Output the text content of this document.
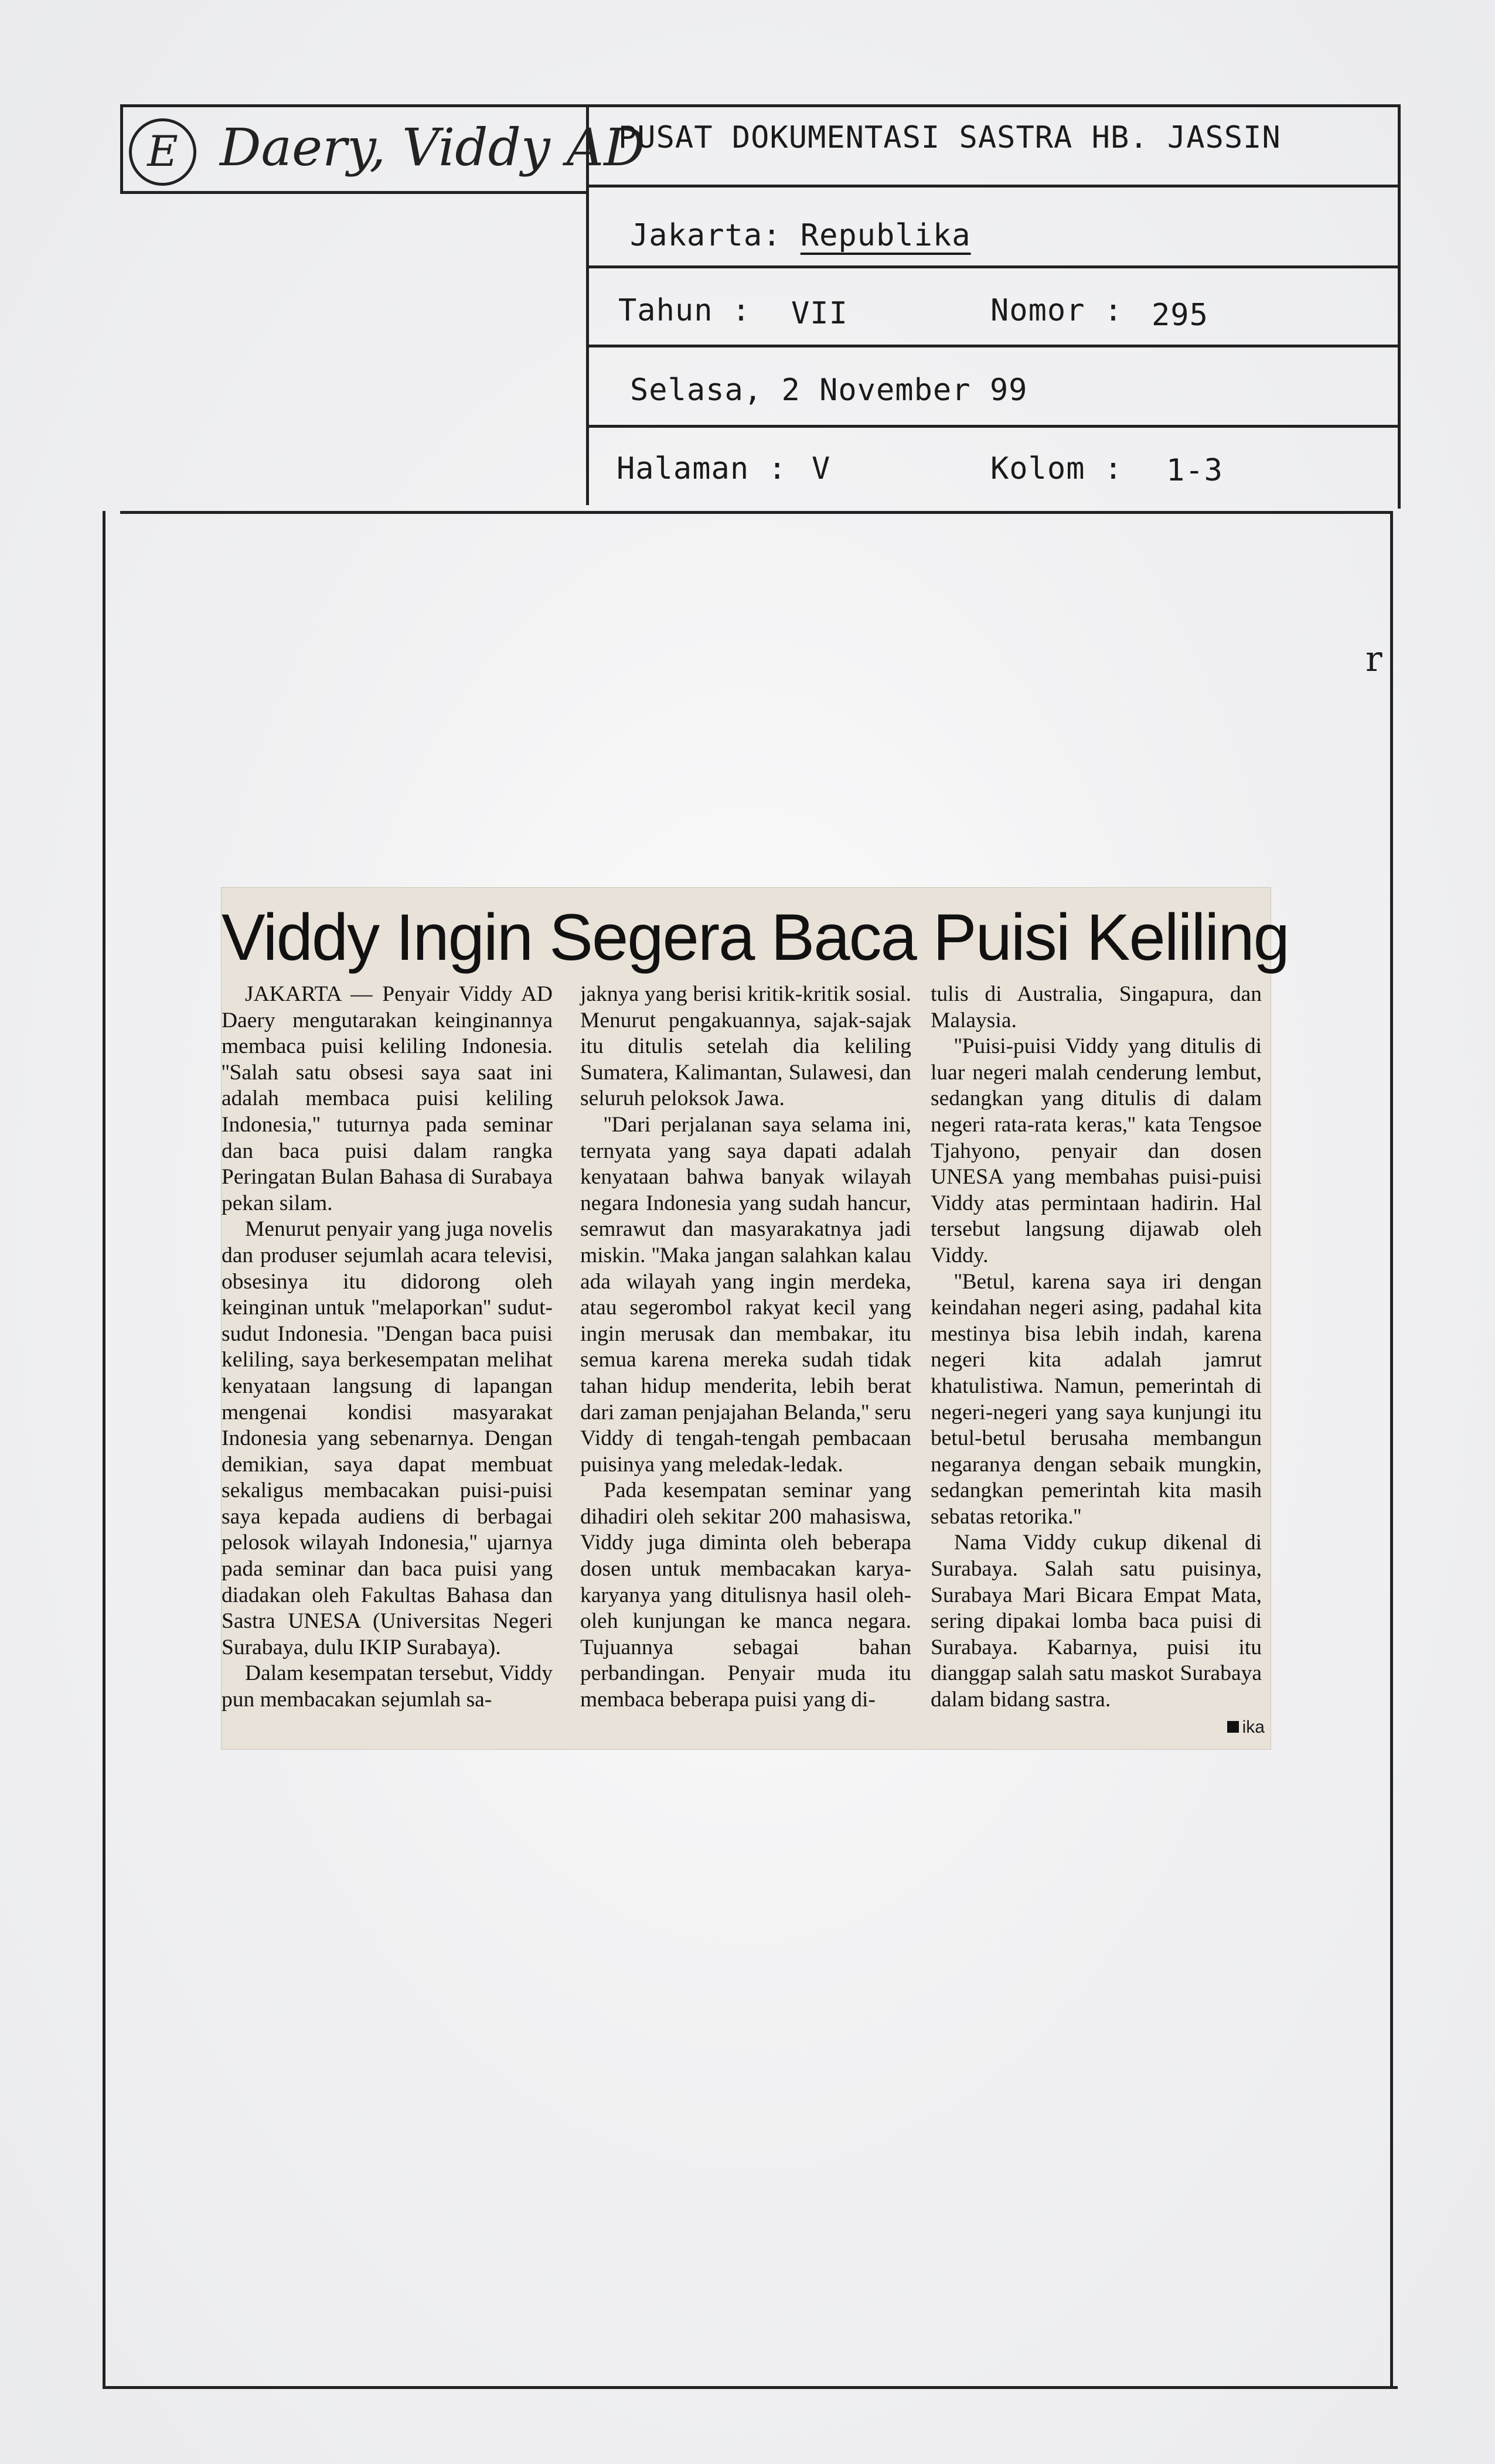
E Daery, Viddy AD
PUSAT DOKUMENTASI SASTRA HB. JASSIN
Jakarta: Republika
Tahun : VII	Nomor : 295
Selasa, 2 November 99
Halaman : V	Kolom : 1-3
r
Viddy Ingin Segera Baca Puisi Keliling

JAKARTA — Penyair Viddy AD Daery mengutarakan keinginannya membaca puisi keliling Indonesia. ''Salah satu obsesi saya saat ini adalah membaca puisi keliling Indonesia,'' tuturnya pada seminar dan baca puisi dalam rangka Peringatan Bulan Bahasa di Surabaya pekan silam.

Menurut penyair yang juga novelis dan produser sejumlah acara televisi, obsesinya itu didorong oleh keinginan untuk ''melaporkan'' sudut-sudut Indonesia. ''Dengan baca puisi keliling, saya berkesempatan melihat kenyataan langsung di lapangan mengenai kondisi masyarakat Indonesia yang sebenarnya. Dengan demikian, saya dapat membuat sekaligus membacakan puisi-puisi saya kepada audiens di berbagai pelosok wilayah Indonesia,'' ujarnya pada seminar dan baca puisi yang diadakan oleh Fakultas Bahasa dan Sastra UNESA (Universitas Negeri Surabaya, dulu IKIP Surabaya).

Dalam kesempatan tersebut, Viddy pun membacakan sejumlah sa-

jaknya yang berisi kritik-kritik sosial. Menurut pengakuannya, sajak-sajak itu ditulis setelah dia keliling Sumatera, Kalimantan, Sulawesi, dan seluruh peloksok Jawa.

''Dari perjalanan saya selama ini, ternyata yang saya dapati adalah kenyataan bahwa banyak wilayah negara Indonesia yang sudah hancur, semrawut dan masyarakatnya jadi miskin. ''Maka jangan salahkan kalau ada wilayah yang ingin merdeka, atau segerombol rakyat kecil yang ingin merusak dan membakar, itu semua karena mereka sudah tidak tahan hidup menderita, lebih berat dari zaman penjajahan Belanda,'' seru Viddy di tengah-tengah pembacaan puisinya yang meledak-ledak.

Pada kesempatan seminar yang dihadiri oleh sekitar 200 mahasiswa, Viddy juga diminta oleh beberapa dosen untuk membacakan karya-karyanya yang ditulisnya hasil oleh-oleh kunjungan ke manca negara. Tujuannya sebagai bahan perbandingan. Penyair muda itu membaca beberapa puisi yang di-

tulis di Australia, Singapura, dan Malaysia.

''Puisi-puisi Viddy yang ditulis di luar negeri malah cenderung lembut, sedangkan yang ditulis di dalam negeri rata-rata keras,'' kata Tengsoe Tjahyono, penyair dan dosen UNESA yang membahas puisi-puisi Viddy atas permintaan hadirin. Hal tersebut langsung dijawab oleh Viddy.

''Betul, karena saya iri dengan keindahan negeri asing, padahal kita mestinya bisa lebih indah, karena negeri kita adalah jamrut khatulistiwa. Namun, pemerintah di negeri-negeri yang saya kunjungi itu betul-betul berusaha membangun negaranya dengan sebaik mungkin, sedangkan pemerintah kita masih sebatas retorika.''

Nama Viddy cukup dikenal di Surabaya. Salah satu puisinya, Surabaya Mari Bicara Empat Mata, sering dipakai lomba baca puisi di Surabaya. Kabarnya, puisi itu dianggap salah satu maskot Surabaya dalam bidang sastra.

ika
